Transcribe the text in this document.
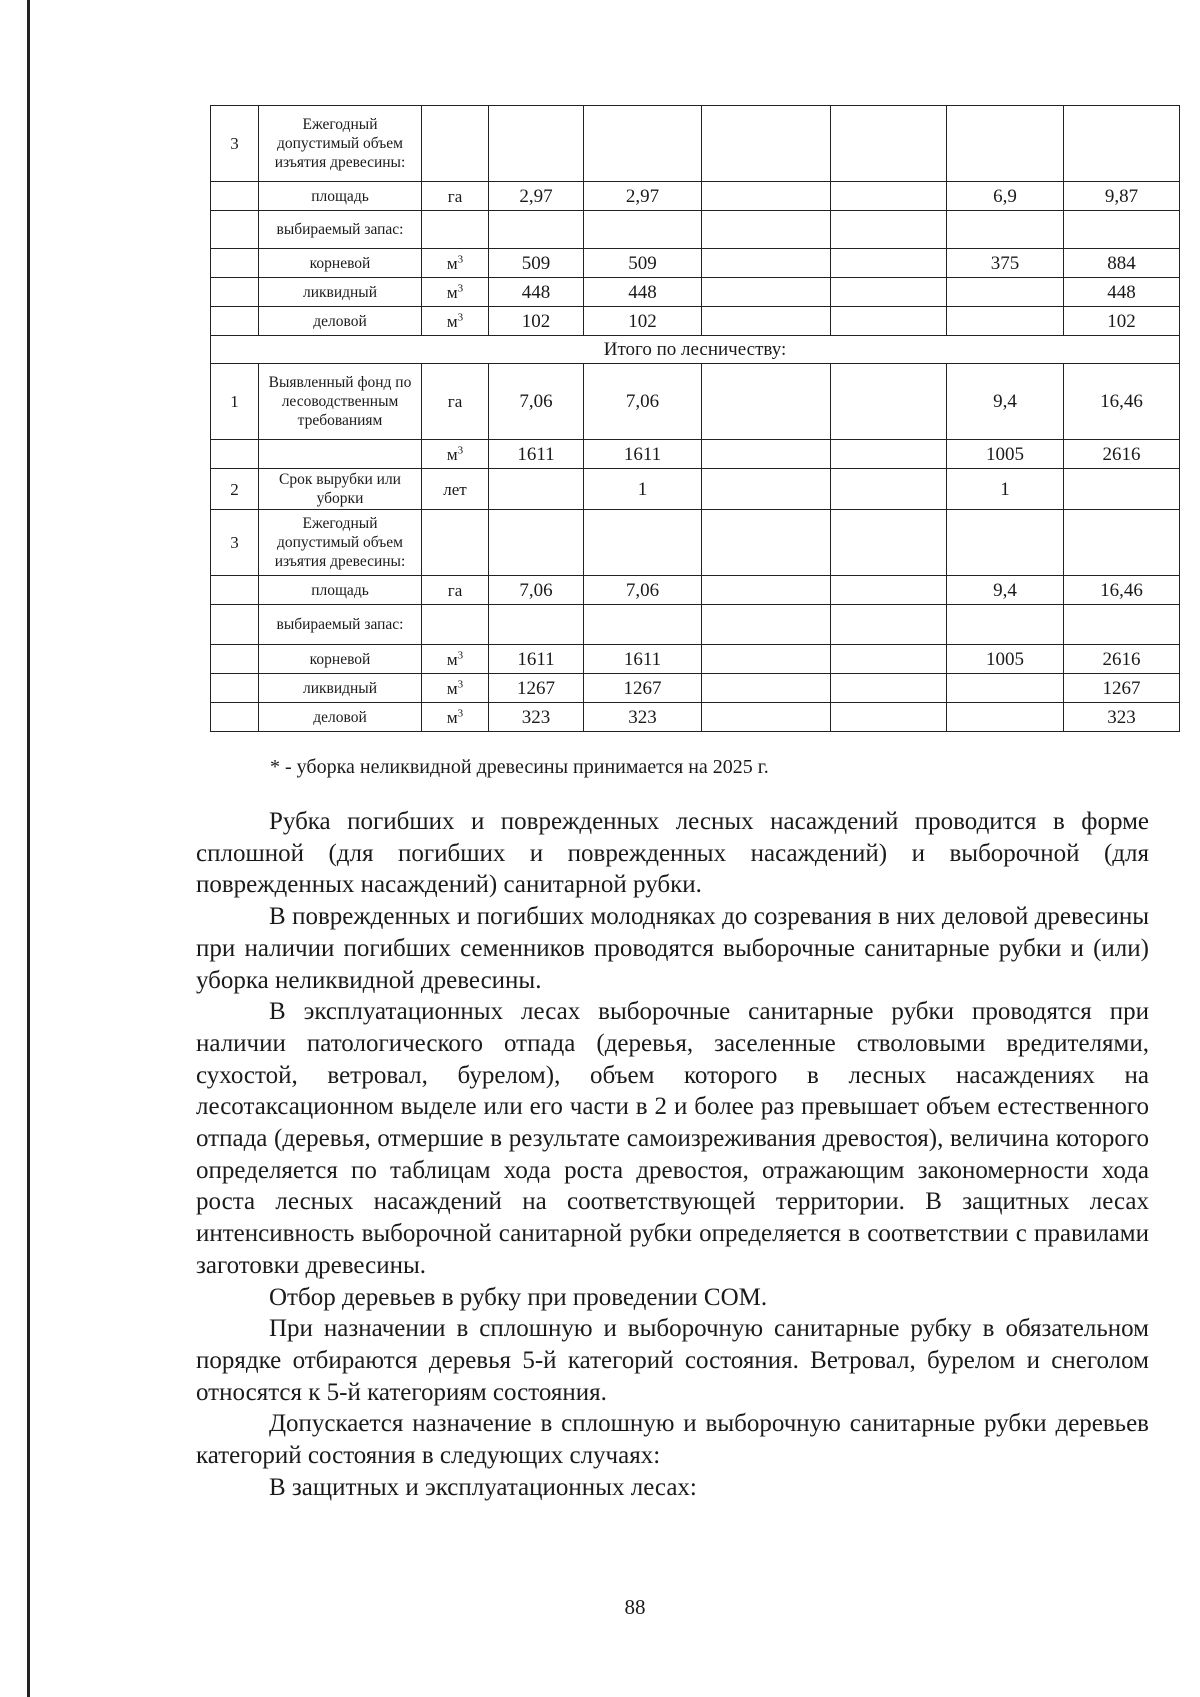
3	Ежегодный допустимый объем изъятия древесины:							
	площадь	га	2,97	2,97			6,9	9,87
	выбираемый запас:							
	корневой	$м^3$	509	509			375	884
	ликвидный	$м^3$	448	448				448
	деловой	$м^3$	102	102				102
Итого по лесничеству:								
1	Выявленный фонд по лесоводственным требованиям	га	7,06	7,06			9,4	16,46
		$м^3$	1611	1611			1005	2616
2	Срок вырубки или уборки	лет		1			1	
3	Ежегодный допустимый объем изъятия древесины:							
	площадь	га	7,06	7,06			9,4	16,46
	выбираемый запас:							
	корневой	$м^3$	1611	1611			1005	2616
	ликвидный	$м^3$	1267	1267				1267
	деловой	$м^3$	323	323				323
* - уборка неликвидной древесины принимается на 2025 г.

Рубка погибших и поврежденных лесных насаждений проводится в форме сплошной (для погибших и поврежденных насаждений) и выборочной (для поврежденных насаждений) санитарной рубки.

В поврежденных и погибших молодняках до созревания в них деловой древесины при наличии погибших семенников проводятся выборочные санитарные рубки и (или) уборка неликвидной древесины.

В эксплуатационных лесах выборочные санитарные рубки проводятся при наличии патологического отпада (деревья, заселенные стволовыми вредителями, сухостой, ветровал, бурелом), объем которого в лесных насаждениях на лесотаксационном выделе или его части в 2 и более раз превышает объем естественного отпада (деревья, отмершие в результате самоизреживания древостоя), величина которого определяется по таблицам хода роста древостоя, отражающим закономерности хода роста лесных насаждений на соответствующей территории. В защитных лесах интенсивность выборочной санитарной рубки определяется в соответствии с правилами заготовки древесины.

Отбор деревьев в рубку при проведении СОМ.

При назначении в сплошную и выборочную санитарные рубку в обязательном порядке отбираются деревья 5-й категорий состояния. Ветровал, бурелом и снеголом относятся к 5-й категориям состояния.

Допускается назначение в сплошную и выборочную санитарные рубки деревьев категорий состояния в следующих случаях:

В защитных и эксплуатационных лесах:

88
